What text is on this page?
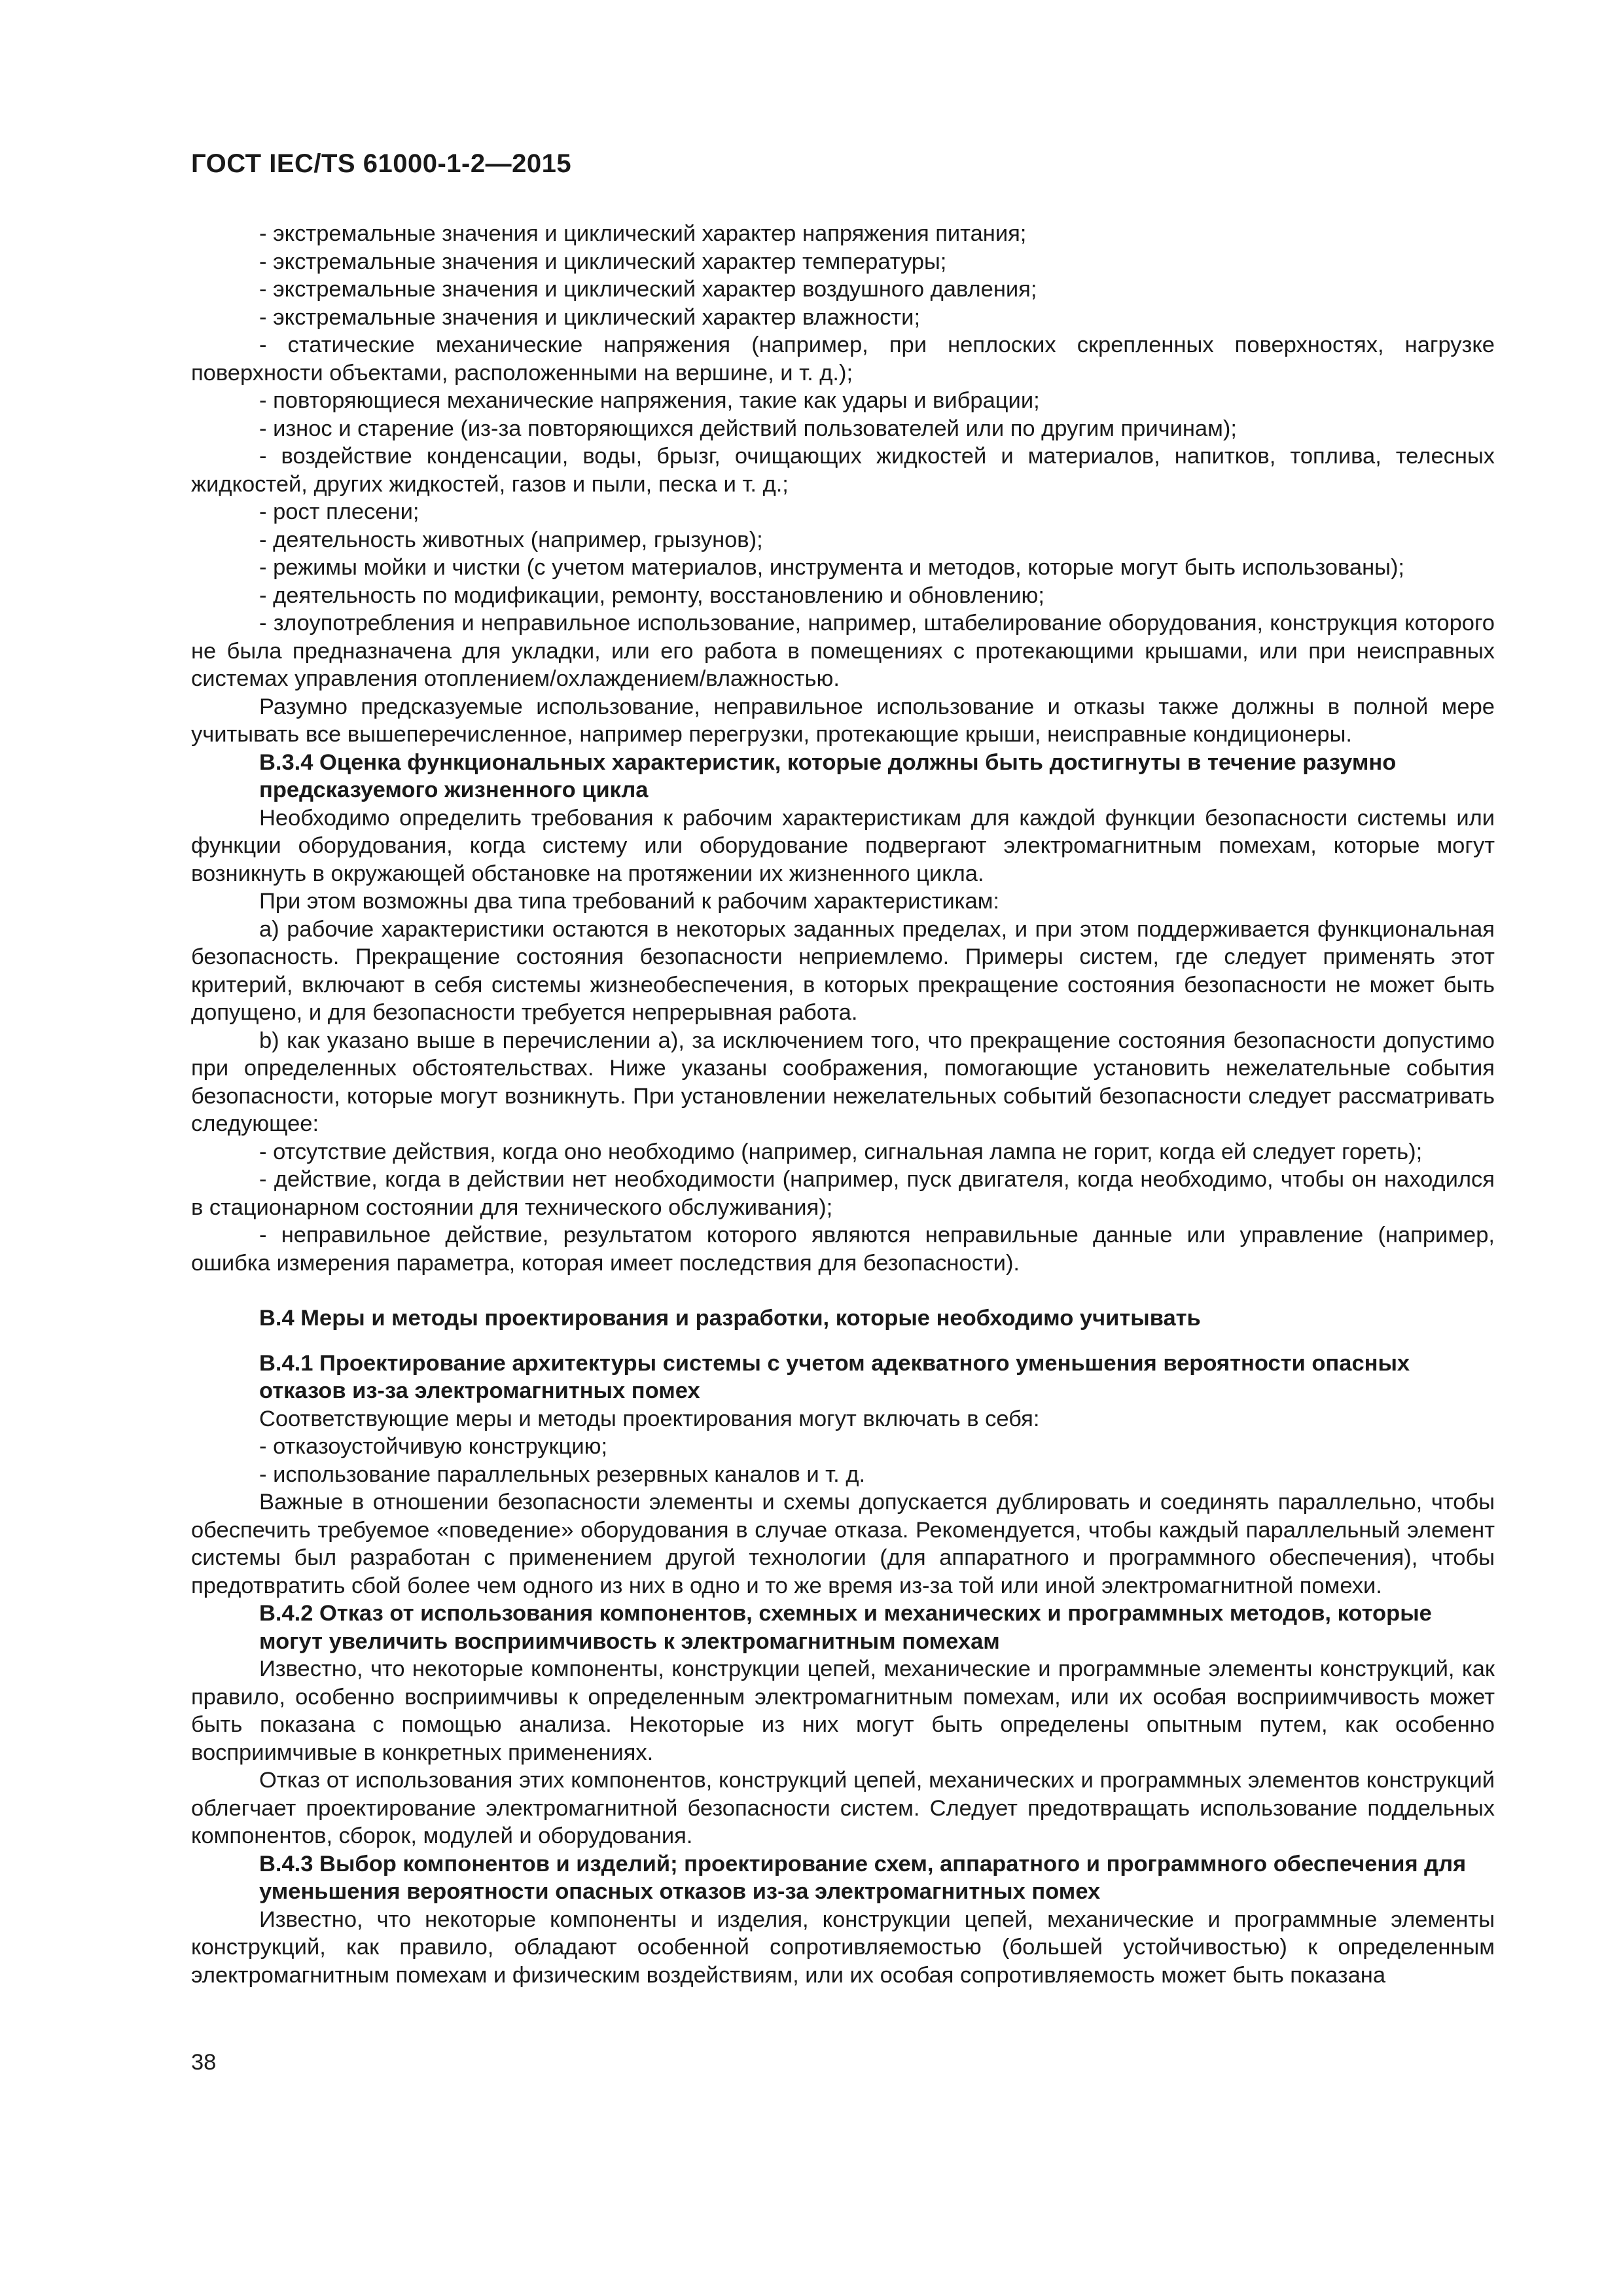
ГОСТ IEC/TS 61000-1-2—2015

- экстремальные значения и циклический характер напряжения питания;

- экстремальные значения и циклический характер температуры;

- экстремальные значения и циклический характер воздушного давления;

- экстремальные значения и циклический характер влажности;

- статические механические напряжения (например, при неплоских скрепленных поверхностях, нагрузке поверхности объектами, расположенными на вершине, и т. д.);

- повторяющиеся механические напряжения, такие как удары и вибрации;

- износ и старение (из-за повторяющихся действий пользователей или по другим причинам);

- воздействие конденсации, воды, брызг, очищающих жидкостей и материалов, напитков, топлива, телесных жидкостей, других жидкостей, газов и пыли, песка и т. д.;

- рост плесени;

- деятельность животных (например, грызунов);

- режимы мойки и чистки (с учетом материалов, инструмента и методов, которые могут быть использованы);

- деятельность по модификации, ремонту, восстановлению и обновлению;

- злоупотребления и неправильное использование, например, штабелирование оборудования, конструкция которого не была предназначена для укладки, или его работа в помещениях с протекающими крышами, или при неисправных системах управления отоплением/охлаждением/влажностью.

Разумно предсказуемые использование, неправильное использование и отказы также должны в полной мере учитывать все вышеперечисленное, например перегрузки, протекающие крыши, неисправные кондиционеры.

В.3.4 Оценка функциональных характеристик, которые должны быть достигнуты в течение разумно предсказуемого жизненного цикла

Необходимо определить требования к рабочим характеристикам для каждой функции безопасности системы или функции оборудования, когда систему или оборудование подвергают электромагнитным помехам, которые могут возникнуть в окружающей обстановке на протяжении их жизненного цикла.

При этом возможны два типа требований к рабочим характеристикам:

а) рабочие характеристики остаются в некоторых заданных пределах, и при этом поддерживается функциональная безопасность. Прекращение состояния безопасности неприемлемо. Примеры систем, где следует применять этот критерий, включают в себя системы жизнеобеспечения, в которых прекращение состояния безопасности не может быть допущено, и для безопасности требуется непрерывная работа.

b) как указано выше в перечислении а), за исключением того, что прекращение состояния безопасности допустимо при определенных обстоятельствах. Ниже указаны соображения, помогающие установить нежелательные события безопасности, которые могут возникнуть. При установлении нежелательных событий безопасности следует рассматривать следующее:

- отсутствие действия, когда оно необходимо (например, сигнальная лампа не горит, когда ей следует гореть);

- действие, когда в действии нет необходимости (например, пуск двигателя, когда необходимо, чтобы он находился в стационарном состоянии для технического обслуживания);

- неправильное действие, результатом которого являются неправильные данные или управление (например, ошибка измерения параметра, которая имеет последствия для безопасности).

В.4 Меры и методы проектирования и разработки, которые необходимо учитывать
В.4.1 Проектирование архитектуры системы с учетом адекватного уменьшения вероятности опасных отказов из-за электромагнитных помех

Соответствующие меры и методы проектирования могут включать в себя:

- отказоустойчивую конструкцию;

- использование параллельных резервных каналов и т. д.

Важные в отношении безопасности элементы и схемы допускается дублировать и соединять параллельно, чтобы обеспечить требуемое «поведение» оборудования в случае отказа. Рекомендуется, чтобы каждый параллельный элемент системы был разработан с применением другой технологии (для аппаратного и программного обеспечения), чтобы предотвратить сбой более чем одного из них в одно и то же время из-за той или иной электромагнитной помехи.

В.4.2 Отказ от использования компонентов, схемных и механических и программных методов, которые могут увеличить восприимчивость к электромагнитным помехам

Известно, что некоторые компоненты, конструкции цепей, механические и программные элементы конструкций, как правило, особенно восприимчивы к определенным электромагнитным помехам, или их особая восприимчивость может быть показана с помощью анализа. Некоторые из них могут быть определены опытным путем, как особенно восприимчивые в конкретных применениях.

Отказ от использования этих компонентов, конструкций цепей, механических и программных элементов конструкций облегчает проектирование электромагнитной безопасности систем. Следует предотвращать использование поддельных компонентов, сборок, модулей и оборудования.

В.4.3 Выбор компонентов и изделий; проектирование схем, аппаратного и программного обеспечения для уменьшения вероятности опасных отказов из-за электромагнитных помех

Известно, что некоторые компоненты и изделия, конструкции цепей, механические и программные элементы конструкций, как правило, обладают особенной сопротивляемостью (большей устойчивостью) к определенным электромагнитным помехам и физическим воздействиям, или их особая сопротивляемость может быть показана

38
